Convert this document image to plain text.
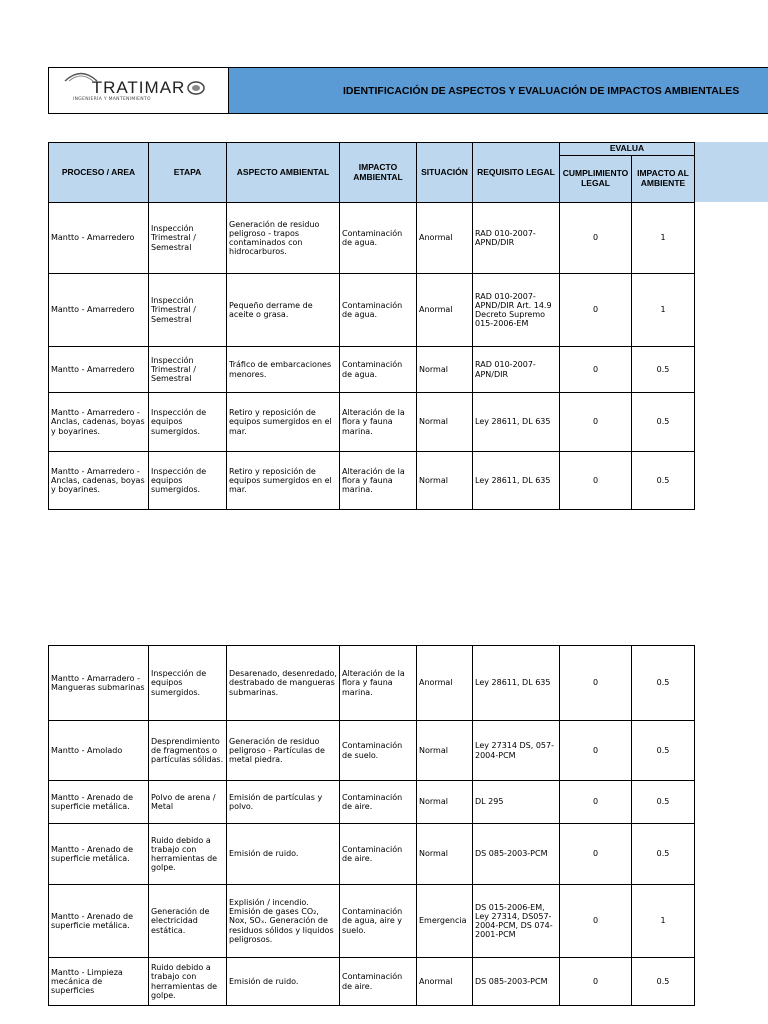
TRATIMAR
INGENIERÍA Y MANTENIMIENTO
IDENTIFICACIÓN DE ASPECTOS Y EVALUACIÓN DE IMPACTOS AMBIENTALES
PROCESO / AREA	ETAPA	ASPECTO AMBIENTAL	IMPACTO AMBIENTAL	SITUACIÓN	REQUISITO LEGAL	EVALUA	
						CUMPLIMIENTO LEGAL	IMPACTO AL AMBIENTE
Mantto - Amarredero	Inspección Trimestral / Semestral	Generación de residuo peligroso - trapos contaminados con hidrocarburos.	Contaminación de agua.	Anormal	RAD 010-2007-APND/DIR	0	1
Mantto - Amarredero	Inspección Trimestral / Semestral	Pequeño derrame de aceite o grasa.	Contaminación de agua.	Anormal	RAD 010-2007-APND/DIR Art. 14.9 Decreto Supremo 015-2006-EM	0	1
Mantto - Amarredero	Inspección Trimestral / Semestral	Tráfico de embarcaciones menores.	Contaminación de agua.	Normal	RAD 010-2007-APN/DIR	0	0.5
Mantto - Amarredero - Anclas, cadenas, boyas y boyarines.	Inspección de equipos sumergidos.	Retiro y reposición de equipos sumergidos en el mar.	Alteración de la flora y fauna marina.	Normal	Ley 28611, DL 635	0	0.5
Mantto - Amarredero - Anclas, cadenas, boyas y boyarines.	Inspección de equipos sumergidos.	Retiro y reposición de equipos sumergidos en el mar.	Alteración de la flora y fauna marina.	Normal	Ley 28611, DL 635	0	0.5
Mantto - Amarradero -Mangueras submarinas	Inspección de equipos sumergidos.	Desarenado, desenredado, destrabado de mangueras submarinas.	Alteración de la flora y fauna marina.	Anormal	Ley 28611, DL 635	0	0.5
Mantto - Amolado	Desprendimiento de fragmentos o partículas sólidas.	Generación de residuo peligroso - Partículas de metal piedra.	Contaminación de suelo.	Normal	Ley 27314 DS, 057-2004-PCM	0	0.5
Mantto - Arenado de superficie metálica.	Polvo de arena / Metal	Emisión de partículas y polvo.	Contaminación de aire.	Normal	DL 295	0	0.5
Mantto - Arenado de superficie metálica.	Ruido debido a trabajo con herramientas de golpe.	Emisión de ruido.	Contaminación de aire.	Normal	DS 085-2003-PCM	0	0.5
Mantto - Arenado de superficie metálica.	Generación de electricidad estática.	Explisión / incendio. Emisión de gases CO₂, Nox, SOₓ. Generación de residuos sólidos y liquidos peligrosos.	Contaminación de agua, aire y suelo.	Emergencia	DS 015-2006-EM, Ley 27314, DS057-2004-PCM, DS 074-2001-PCM	0	1
Mantto - Limpieza mecánica de superficies	Ruido debido a trabajo con herramientas de golpe.	Emisión de ruido.	Contaminación de aire.	Anormal	DS 085-2003-PCM	0	0.5
